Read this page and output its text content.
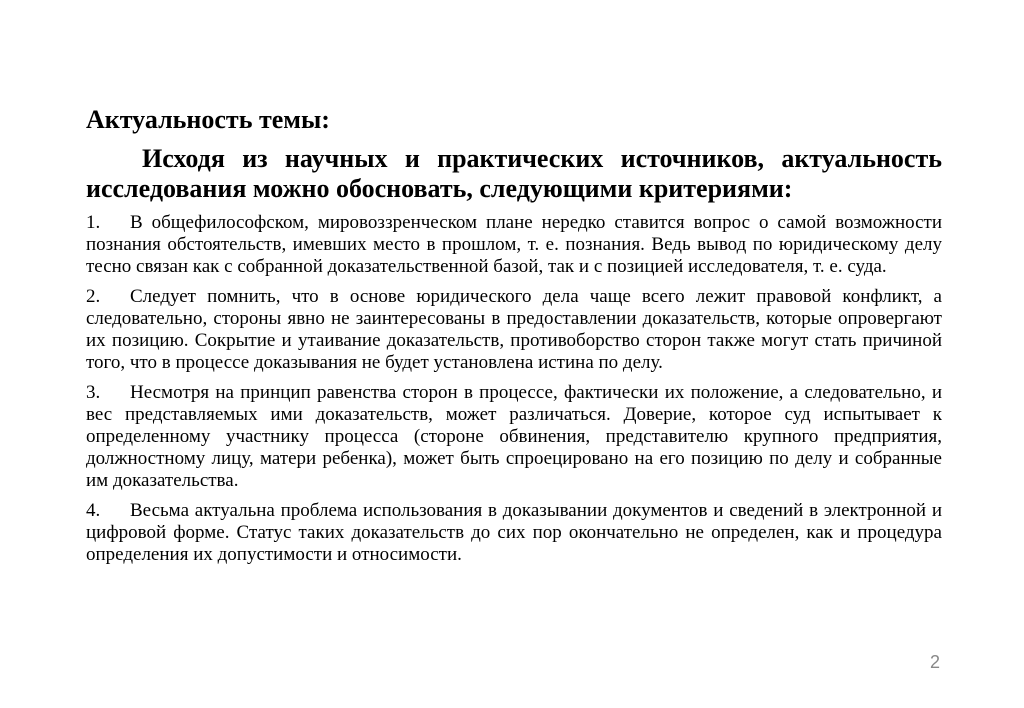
Актуальность темы:

Исходя из научных и практических источников, актуальность исследования можно обосновать, следующими критериями:

1. В общефилософском, мировоззренческом плане нередко ставится вопрос о самой возможности познания обстоятельств, имевших место в прошлом, т. е. познания. Ведь вывод по юридическому делу тесно связан как с собранной доказательственной базой, так и с позицией исследователя, т. е. суда.

2. Следует помнить, что в основе юридического дела чаще всего лежит правовой конфликт, а следовательно, стороны явно не заинтересованы в предоставлении доказательств, которые опровергают их позицию. Сокрытие и утаивание доказательств, противоборство сторон также могут стать причиной того, что в процессе доказывания не будет установлена истина по делу.

3. Несмотря на принцип равенства сторон в процессе, фактически их положение, а следовательно, и вес представляемых ими доказательств, может различаться. Доверие, которое суд испытывает к определенному участнику процесса (стороне обвинения, представителю крупного предприятия, должностному лицу, матери ребенка), может быть спроецировано на его позицию по делу и собранные им доказательства.

4. Весьма актуальна проблема использования в доказывании документов и сведений в электронной и цифровой форме. Статус таких доказательств до сих пор окончательно не определен, как и процедура определения их допустимости и относимости.

2
